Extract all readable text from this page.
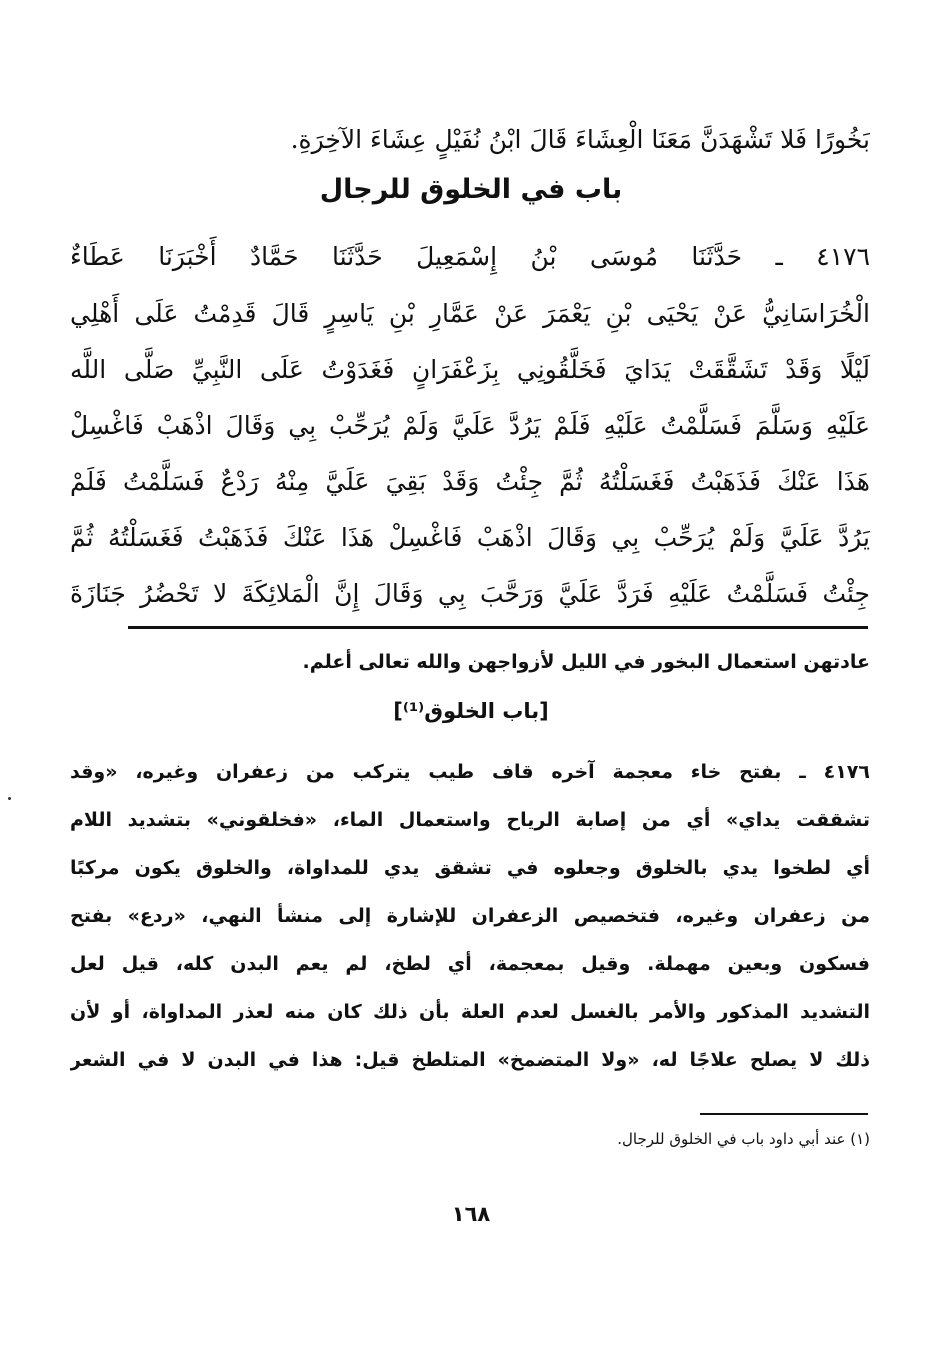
بَخُورًا فَلا تَشْهَدَنَّ مَعَنَا الْعِشَاءَ قَالَ ابْنُ نُفَيْلٍ عِشَاءَ الآخِرَةِ.
باب في الخلوق للرجال
٤١٧٦ ـ حَدَّثَنَا مُوسَى بْنُ إِسْمَعِيلَ حَدَّثَنَا حَمَّادٌ أَخْبَرَنَا عَطَاءٌ
الْخُرَاسَانِيُّ عَنْ يَحْيَى بْنِ يَعْمَرَ عَنْ عَمَّارِ بْنِ يَاسِرٍ قَالَ قَدِمْتُ عَلَى أَهْلِي
لَيْلًا وَقَدْ تَشَقَّقَتْ يَدَايَ فَخَلَّقُونِي بِزَعْفَرَانٍ فَغَدَوْتُ عَلَى النَّبِيِّ صَلَّى اللَّه
عَلَيْهِ وَسَلَّمَ فَسَلَّمْتُ عَلَيْهِ فَلَمْ يَرُدَّ عَلَيَّ وَلَمْ يُرَحِّبْ بِي وَقَالَ اذْهَبْ فَاغْسِلْ
هَذَا عَنْكَ فَذَهَبْتُ فَغَسَلْتُهُ ثُمَّ جِئْتُ وَقَدْ بَقِيَ عَلَيَّ مِنْهُ رَدْعٌ فَسَلَّمْتُ فَلَمْ
يَرُدَّ عَلَيَّ وَلَمْ يُرَحِّبْ بِي وَقَالَ اذْهَبْ فَاغْسِلْ هَذَا عَنْكَ فَذَهَبْتُ فَغَسَلْتُهُ ثُمَّ
جِئْتُ فَسَلَّمْتُ عَلَيْهِ فَرَدَّ عَلَيَّ وَرَحَّبَ بِي وَقَالَ إِنَّ الْمَلائِكَةَ لا تَحْضُرُ جَنَازَةَ
عادتهن استعمال البخور في الليل لأزواجهن والله تعالى أعلم.
[باب الخلوق⁽¹⁾]
٤١٧٦ ـ بفتح خاء معجمة آخره قاف طيب يتركب من زعفران وغيره، «وقد
تشققت يداي» أي من إصابة الرياح واستعمال الماء، «فخلقوني» بتشديد اللام
أي لطخوا يدي بالخلوق وجعلوه في تشقق يدي للمداواة، والخلوق يكون مركبًا
من زعفران وغيره، فتخصيص الزعفران للإشارة إلى منشأ النهي، «ردع» بفتح
فسكون وبعين مهملة. وقيل بمعجمة، أي لطخ، لم يعم البدن كله، قيل لعل
التشديد المذكور والأمر بالغسل لعدم العلة بأن ذلك كان منه لعذر المداواة، أو لأن
ذلك لا يصلح علاجًا له، «ولا المتضمخ» المتلطخ قيل: هذا في البدن لا في الشعر
(١) عند أبي داود باب في الخلوق للرجال.
١٦٨
